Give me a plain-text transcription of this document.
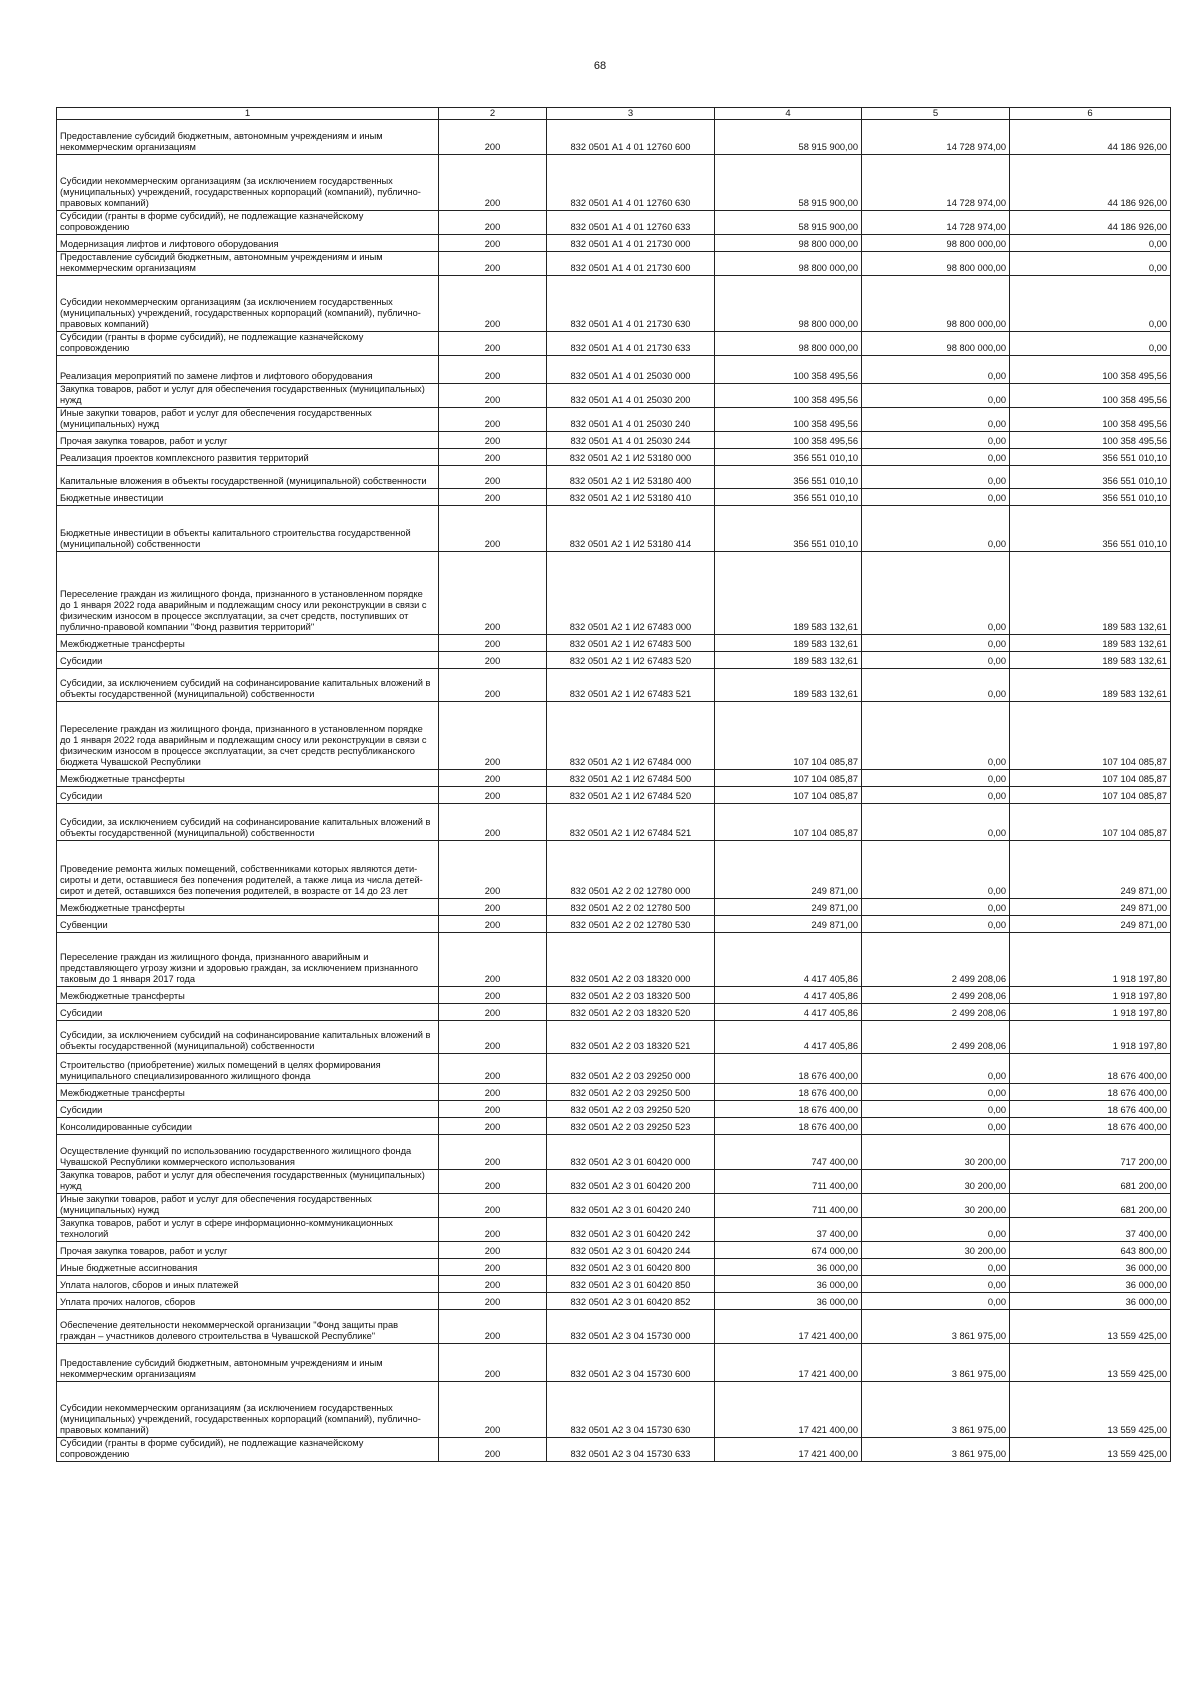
68
1	2	3	4	5	6
Предоставление субсидий бюджетным, автономным учреждениям и иным некоммерческим организациям	200	832 0501 А1 4 01 12760 600	58 915 900,00	14 728 974,00	44 186 926,00
Субсидии некоммерческим организациям (за исключением государственных (муниципальных) учреждений, государственных корпораций (компаний), публично-правовых компаний)	200	832 0501 А1 4 01 12760 630	58 915 900,00	14 728 974,00	44 186 926,00
Субсидии (гранты в форме субсидий), не подлежащие казначейскому сопровождению	200	832 0501 А1 4 01 12760 633	58 915 900,00	14 728 974,00	44 186 926,00
Модернизация лифтов и лифтового оборудования	200	832 0501 А1 4 01 21730 000	98 800 000,00	98 800 000,00	0,00
Предоставление субсидий бюджетным, автономным учреждениям и иным некоммерческим организациям	200	832 0501 А1 4 01 21730 600	98 800 000,00	98 800 000,00	0,00
Субсидии некоммерческим организациям (за исключением государственных (муниципальных) учреждений, государственных корпораций (компаний), публично-правовых компаний)	200	832 0501 А1 4 01 21730 630	98 800 000,00	98 800 000,00	0,00
Субсидии (гранты в форме субсидий), не подлежащие казначейскому сопровождению	200	832 0501 А1 4 01 21730 633	98 800 000,00	98 800 000,00	0,00
Реализация мероприятий по замене лифтов и лифтового оборудования	200	832 0501 А1 4 01 25030 000	100 358 495,56	0,00	100 358 495,56
Закупка товаров, работ и услуг для обеспечения государственных (муниципальных) нужд	200	832 0501 А1 4 01 25030 200	100 358 495,56	0,00	100 358 495,56
Иные закупки товаров, работ и услуг для обеспечения государственных (муниципальных) нужд	200	832 0501 А1 4 01 25030 240	100 358 495,56	0,00	100 358 495,56
Прочая закупка товаров, работ и услуг	200	832 0501 А1 4 01 25030 244	100 358 495,56	0,00	100 358 495,56
Реализация проектов комплексного развития территорий	200	832 0501 А2 1 И2 53180 000	356 551 010,10	0,00	356 551 010,10
Капитальные вложения в объекты государственной (муниципальной) собственности	200	832 0501 А2 1 И2 53180 400	356 551 010,10	0,00	356 551 010,10
Бюджетные инвестиции	200	832 0501 А2 1 И2 53180 410	356 551 010,10	0,00	356 551 010,10
Бюджетные инвестиции в объекты капитального строительства государственной (муниципальной) собственности	200	832 0501 А2 1 И2 53180 414	356 551 010,10	0,00	356 551 010,10
Переселение граждан из жилищного фонда, признанного в установленном порядке до 1 января 2022 года аварийным и подлежащим сносу или реконструкции в связи с физическим износом в процессе эксплуатации, за счет средств, поступивших от публично-правовой компании "Фонд развития территорий"	200	832 0501 А2 1 И2 67483 000	189 583 132,61	0,00	189 583 132,61
Межбюджетные трансферты	200	832 0501 А2 1 И2 67483 500	189 583 132,61	0,00	189 583 132,61
Субсидии	200	832 0501 А2 1 И2 67483 520	189 583 132,61	0,00	189 583 132,61
Субсидии, за исключением субсидий на софинансирование капитальных вложений в объекты государственной (муниципальной) собственности	200	832 0501 А2 1 И2 67483 521	189 583 132,61	0,00	189 583 132,61
Переселение граждан из жилищного фонда, признанного в установленном порядке до 1 января 2022 года аварийным и подлежащим сносу или реконструкции в связи с физическим износом в процессе эксплуатации, за счет средств республиканского бюджета Чувашской Республики	200	832 0501 А2 1 И2 67484 000	107 104 085,87	0,00	107 104 085,87
Межбюджетные трансферты	200	832 0501 А2 1 И2 67484 500	107 104 085,87	0,00	107 104 085,87
Субсидии	200	832 0501 А2 1 И2 67484 520	107 104 085,87	0,00	107 104 085,87
Субсидии, за исключением субсидий на софинансирование капитальных вложений в объекты государственной (муниципальной) собственности	200	832 0501 А2 1 И2 67484 521	107 104 085,87	0,00	107 104 085,87
Проведение ремонта жилых помещений, собственниками которых являются дети-сироты и дети, оставшиеся без попечения родителей, а также лица из числа детей-сирот и детей, оставшихся без попечения родителей, в возрасте от 14 до 23 лет	200	832 0501 А2 2 02 12780 000	249 871,00	0,00	249 871,00
Межбюджетные трансферты	200	832 0501 А2 2 02 12780 500	249 871,00	0,00	249 871,00
Субвенции	200	832 0501 А2 2 02 12780 530	249 871,00	0,00	249 871,00
Переселение граждан из жилищного фонда, признанного аварийным и представляющего угрозу жизни и здоровью граждан, за исключением признанного таковым до 1 января 2017 года	200	832 0501 А2 2 03 18320 000	4 417 405,86	2 499 208,06	1 918 197,80
Межбюджетные трансферты	200	832 0501 А2 2 03 18320 500	4 417 405,86	2 499 208,06	1 918 197,80
Субсидии	200	832 0501 А2 2 03 18320 520	4 417 405,86	2 499 208,06	1 918 197,80
Субсидии, за исключением субсидий на софинансирование капитальных вложений в объекты государственной (муниципальной) собственности	200	832 0501 А2 2 03 18320 521	4 417 405,86	2 499 208,06	1 918 197,80
Строительство (приобретение) жилых помещений в целях формирования муниципального специализированного жилищного фонда	200	832 0501 А2 2 03 29250 000	18 676 400,00	0,00	18 676 400,00
Межбюджетные трансферты	200	832 0501 А2 2 03 29250 500	18 676 400,00	0,00	18 676 400,00
Субсидии	200	832 0501 А2 2 03 29250 520	18 676 400,00	0,00	18 676 400,00
Консолидированные субсидии	200	832 0501 А2 2 03 29250 523	18 676 400,00	0,00	18 676 400,00
Осуществление функций по использованию государственного жилищного фонда Чувашской Республики коммерческого использования	200	832 0501 А2 3 01 60420 000	747 400,00	30 200,00	717 200,00
Закупка товаров, работ и услуг для обеспечения государственных (муниципальных) нужд	200	832 0501 А2 3 01 60420 200	711 400,00	30 200,00	681 200,00
Иные закупки товаров, работ и услуг для обеспечения государственных (муниципальных) нужд	200	832 0501 А2 3 01 60420 240	711 400,00	30 200,00	681 200,00
Закупка товаров, работ и услуг в сфере информационно-коммуникационных технологий	200	832 0501 А2 3 01 60420 242	37 400,00	0,00	37 400,00
Прочая закупка товаров, работ и услуг	200	832 0501 А2 3 01 60420 244	674 000,00	30 200,00	643 800,00
Иные бюджетные ассигнования	200	832 0501 А2 3 01 60420 800	36 000,00	0,00	36 000,00
Уплата налогов, сборов и иных платежей	200	832 0501 А2 3 01 60420 850	36 000,00	0,00	36 000,00
Уплата прочих налогов, сборов	200	832 0501 А2 3 01 60420 852	36 000,00	0,00	36 000,00
Обеспечение деятельности некоммерческой организации "Фонд защиты прав граждан – участников долевого строительства в Чувашской Республике"	200	832 0501 А2 3 04 15730 000	17 421 400,00	3 861 975,00	13 559 425,00
Предоставление субсидий бюджетным, автономным учреждениям и иным некоммерческим организациям	200	832 0501 А2 3 04 15730 600	17 421 400,00	3 861 975,00	13 559 425,00
Субсидии некоммерческим организациям (за исключением государственных (муниципальных) учреждений, государственных корпораций (компаний), публично-правовых компаний)	200	832 0501 А2 3 04 15730 630	17 421 400,00	3 861 975,00	13 559 425,00
Субсидии (гранты в форме субсидий), не подлежащие казначейскому сопровождению	200	832 0501 А2 3 04 15730 633	17 421 400,00	3 861 975,00	13 559 425,00
